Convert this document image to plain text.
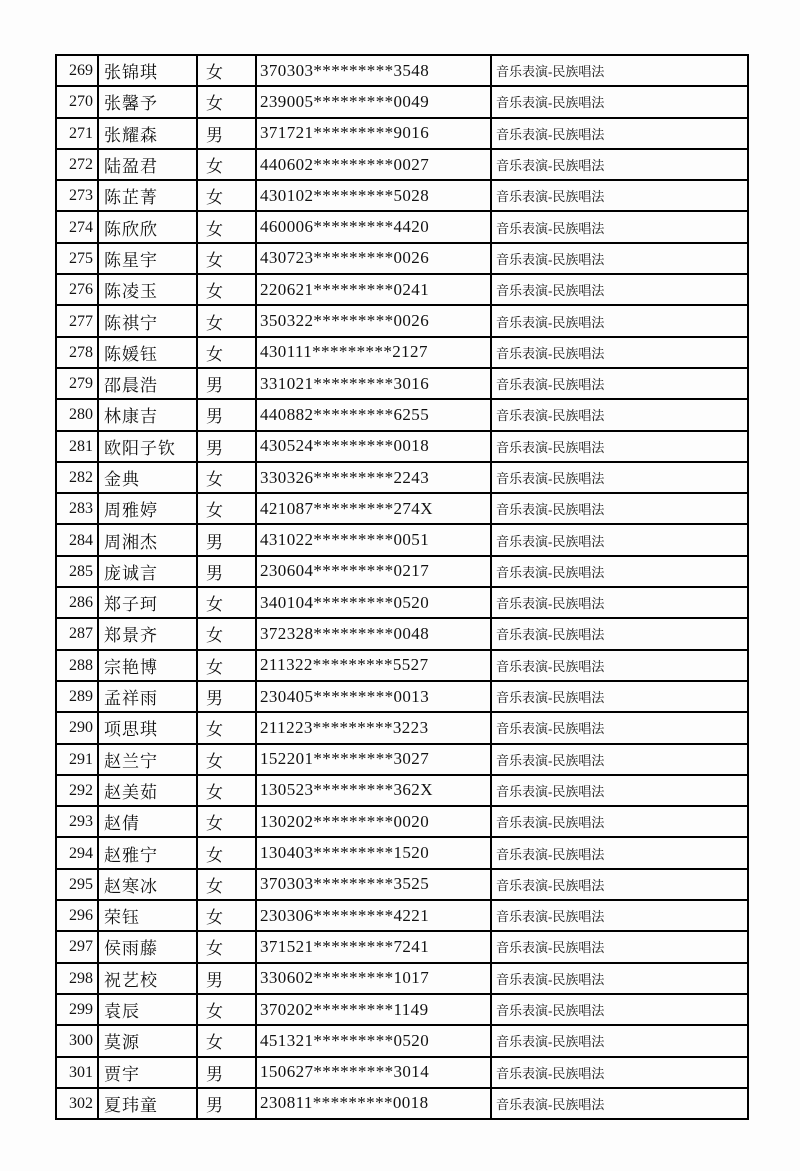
269	张锦琪	女	370303*********3548	音乐表演-民族唱法
270	张馨予	女	239005*********0049	音乐表演-民族唱法
271	张耀森	男	371721*********9016	音乐表演-民族唱法
272	陆盈君	女	440602*********0027	音乐表演-民族唱法
273	陈芷菁	女	430102*********5028	音乐表演-民族唱法
274	陈欣欣	女	460006*********4420	音乐表演-民族唱法
275	陈星宇	女	430723*********0026	音乐表演-民族唱法
276	陈凌玉	女	220621*********0241	音乐表演-民族唱法
277	陈祺宁	女	350322*********0026	音乐表演-民族唱法
278	陈媛钰	女	430111*********2127	音乐表演-民族唱法
279	邵晨浩	男	331021*********3016	音乐表演-民族唱法
280	林康吉	男	440882*********6255	音乐表演-民族唱法
281	欧阳子钦	男	430524*********0018	音乐表演-民族唱法
282	金典	女	330326*********2243	音乐表演-民族唱法
283	周雅婷	女	421087*********274X	音乐表演-民族唱法
284	周湘杰	男	431022*********0051	音乐表演-民族唱法
285	庞诚言	男	230604*********0217	音乐表演-民族唱法
286	郑子珂	女	340104*********0520	音乐表演-民族唱法
287	郑景齐	女	372328*********0048	音乐表演-民族唱法
288	宗艳博	女	211322*********5527	音乐表演-民族唱法
289	孟祥雨	男	230405*********0013	音乐表演-民族唱法
290	项思琪	女	211223*********3223	音乐表演-民族唱法
291	赵兰宁	女	152201*********3027	音乐表演-民族唱法
292	赵美茹	女	130523*********362X	音乐表演-民族唱法
293	赵倩	女	130202*********0020	音乐表演-民族唱法
294	赵雅宁	女	130403*********1520	音乐表演-民族唱法
295	赵寒冰	女	370303*********3525	音乐表演-民族唱法
296	荣钰	女	230306*********4221	音乐表演-民族唱法
297	侯雨藤	女	371521*********7241	音乐表演-民族唱法
298	祝艺校	男	330602*********1017	音乐表演-民族唱法
299	袁辰	女	370202*********1149	音乐表演-民族唱法
300	莫源	女	451321*********0520	音乐表演-民族唱法
301	贾宇	男	150627*********3014	音乐表演-民族唱法
302	夏玮童	男	230811*********0018	音乐表演-民族唱法
